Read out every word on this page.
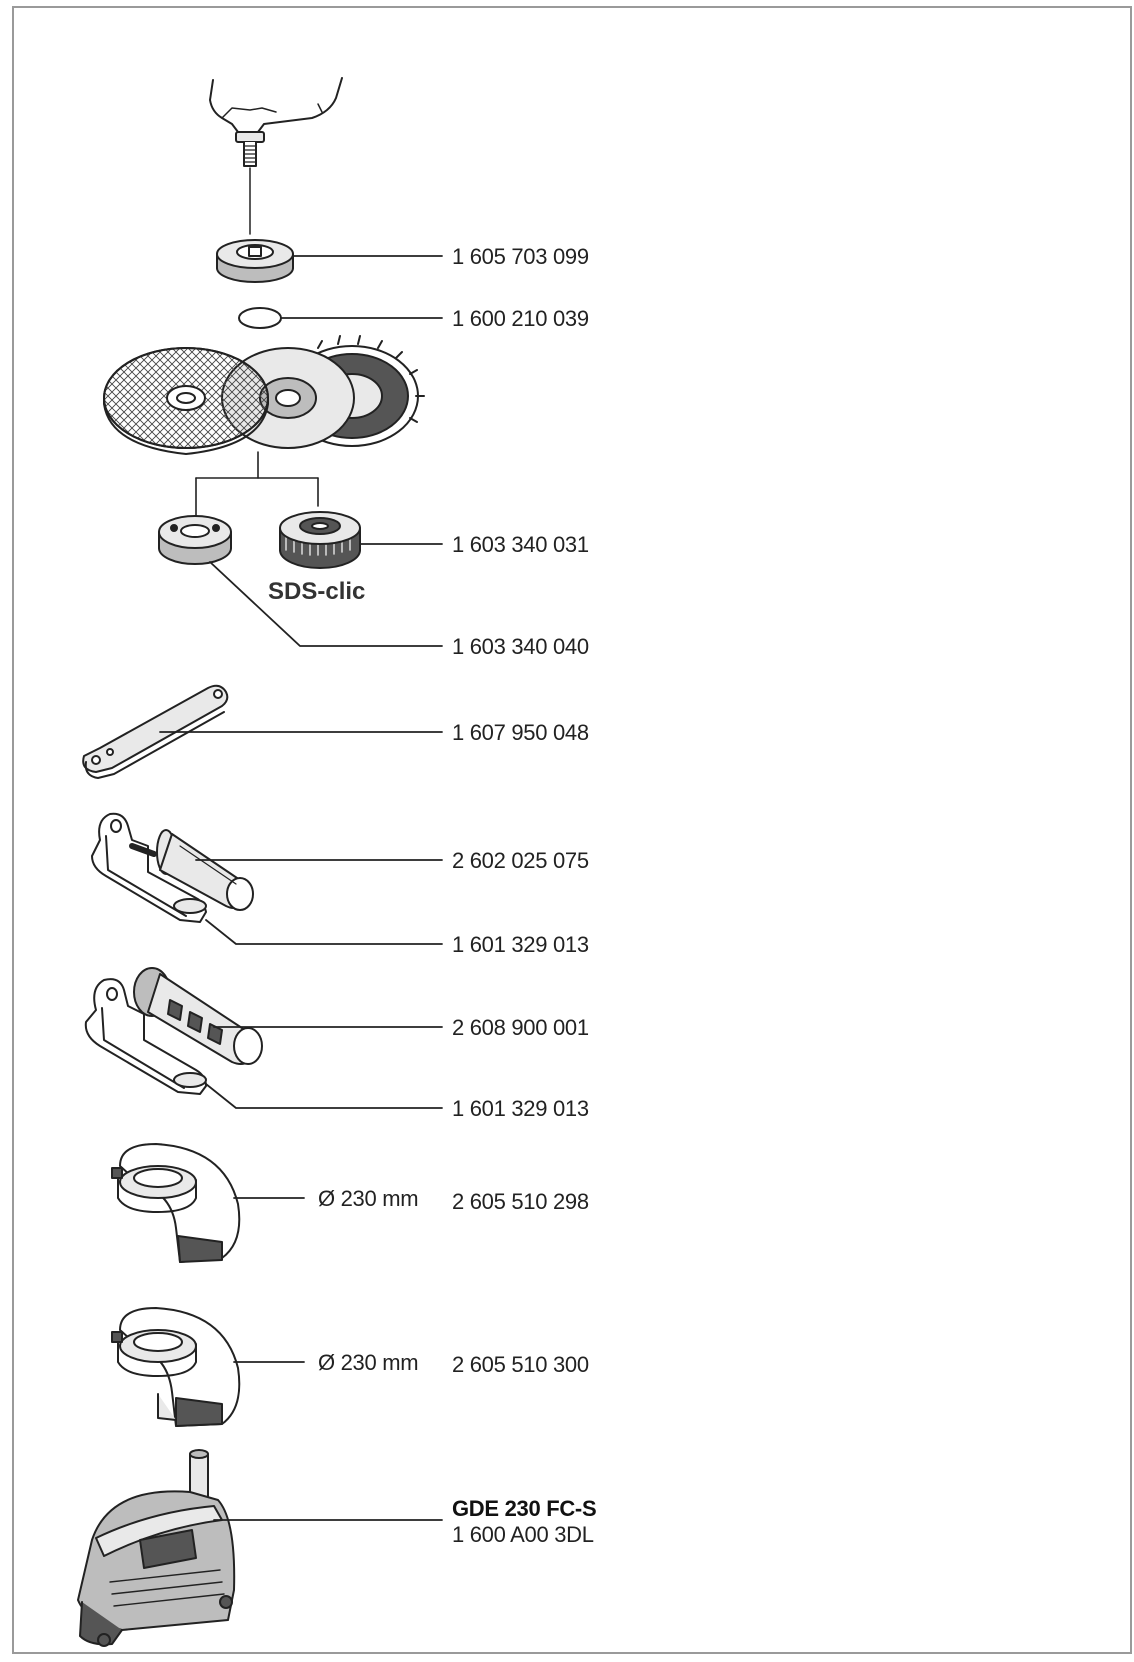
1 605 703 099
1 600 210 039
1 603 340 031
SDS-clic
1 603 340 040
1 607 950 048
2 602 025 075
1 601 329 013
2 608 900 001
1 601 329 013
Ø 230 mm 2 605 510 298
Ø 230 mm 2 605 510 300
GDE 230 FC-S
1 600 A00 3DL
